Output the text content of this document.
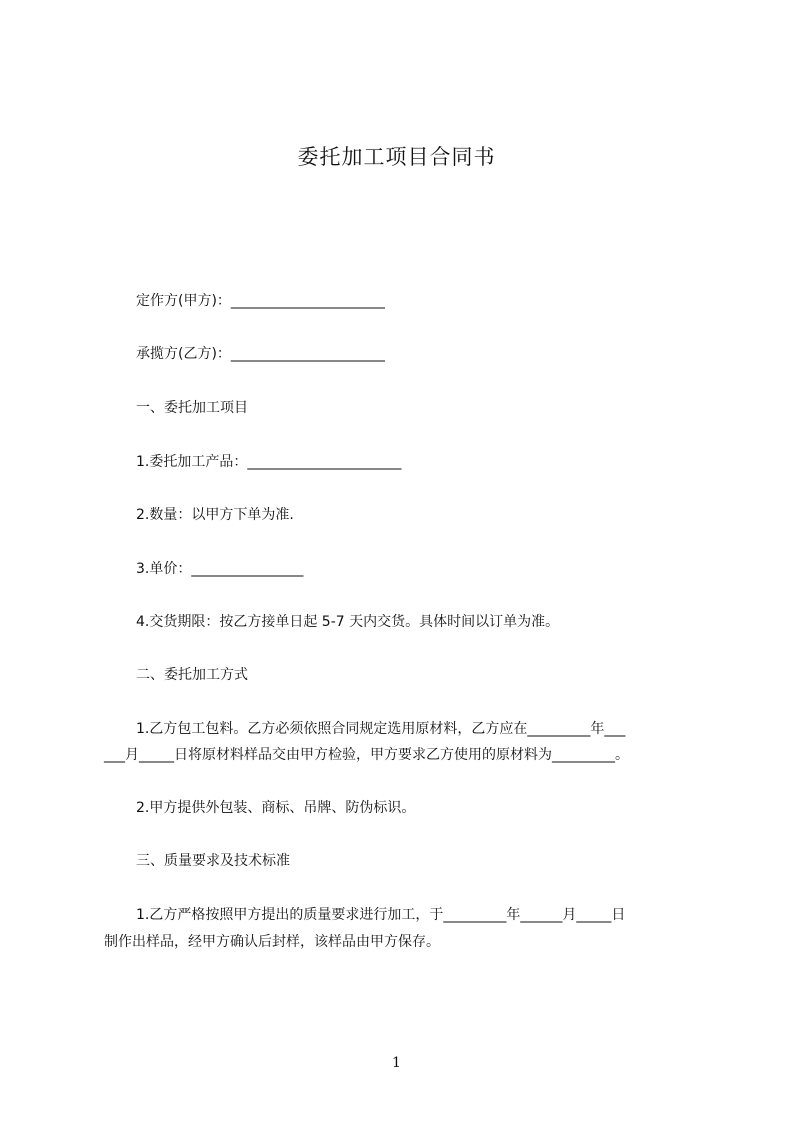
委托加工项目合同书
定作方(甲方)：______________________
承揽方(乙方)：______________________
一、委托加工项目
1.委托加工产品：______________________
2.数量：以甲方下单为准.
3.单价：________________
4.交货期限：按乙方接单日起 5-7 天内交货。具体时间以订单为准。
二、委托加工方式
1.乙方包工包料。乙方必须依照合同规定选用原材料，乙方应在_________年___
___月_____日将原材料样品交由甲方检验，甲方要求乙方使用的原材料为_________。
2.甲方提供外包装、商标、吊牌、防伪标识。
三、质量要求及技术标准
1.乙方严格按照甲方提出的质量要求进行加工，于_________年______月_____日
制作出样品，经甲方确认后封样，该样品由甲方保存。
1
